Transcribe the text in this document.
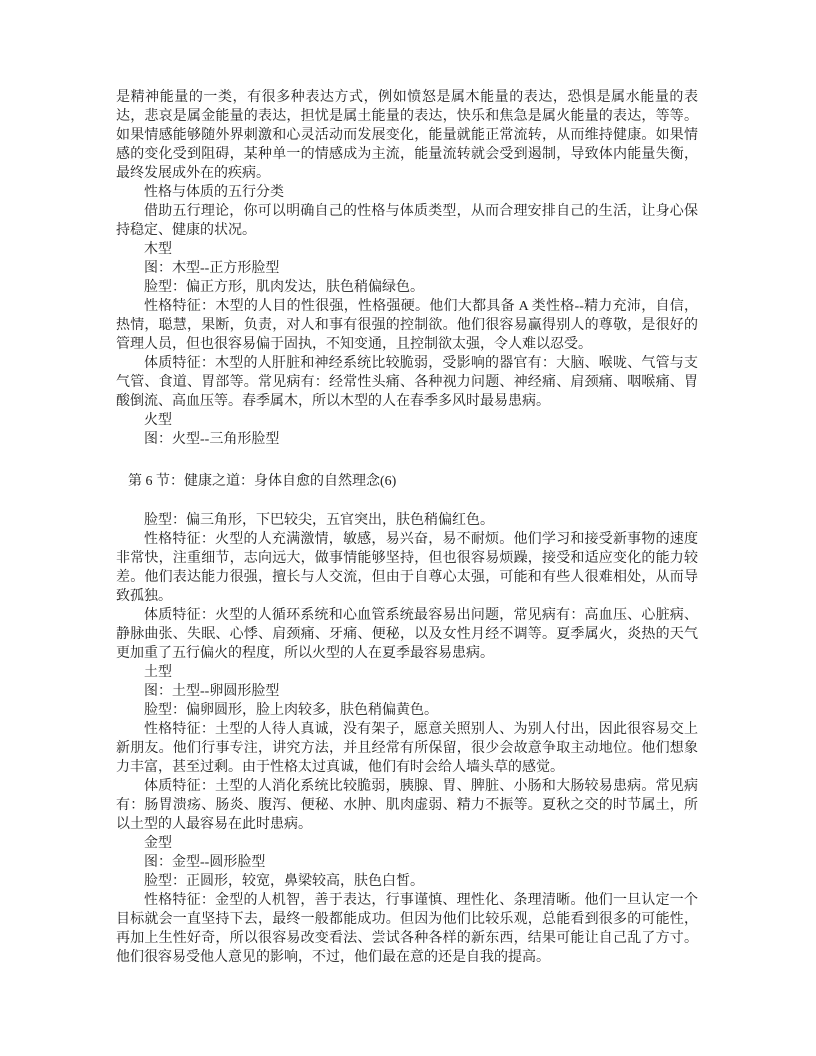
是精神能量的一类，有很多种表达方式，例如愤怒是属木能量的表达，恐惧是属水能量的表达，悲哀是属金能量的表达，担忧是属土能量的表达，快乐和焦急是属火能量的表达，等等。如果情感能够随外界刺激和心灵活动而发展变化，能量就能正常流转，从而维持健康。如果情感的变化受到阻碍，某种单一的情感成为主流，能量流转就会受到遏制，导致体内能量失衡，最终发展成外在的疾病。

性格与体质的五行分类

借助五行理论，你可以明确自己的性格与体质类型，从而合理安排自己的生活，让身心保持稳定、健康的状况。

木型

图：木型--正方形脸型

脸型：偏正方形，肌肉发达，肤色稍偏绿色。

性格特征：木型的人目的性很强，性格强硬。他们大都具备 A 类性格--精力充沛，自信，热情，聪慧，果断，负责，对人和事有很强的控制欲。他们很容易赢得别人的尊敬，是很好的管理人员，但也很容易偏于固执，不知变通，且控制欲太强，令人难以忍受。

体质特征：木型的人肝脏和神经系统比较脆弱，受影响的器官有：大脑、喉咙、气管与支气管、食道、胃部等。常见病有：经常性头痛、各种视力问题、神经痛、肩颈痛、咽喉痛、胃酸倒流、高血压等。春季属木，所以木型的人在春季多风时最易患病。

火型

图：火型--三角形脸型

第 6 节：健康之道：身体自愈的自然理念(6)

脸型：偏三角形，下巴较尖，五官突出，肤色稍偏红色。

性格特征：火型的人充满激情，敏感，易兴奋，易不耐烦。他们学习和接受新事物的速度非常快，注重细节，志向远大，做事情能够坚持，但也很容易烦躁，接受和适应变化的能力较差。他们表达能力很强，擅长与人交流，但由于自尊心太强，可能和有些人很难相处，从而导致孤独。

体质特征：火型的人循环系统和心血管系统最容易出问题，常见病有：高血压、心脏病、静脉曲张、失眠、心悸、肩颈痛、牙痛、便秘，以及女性月经不调等。夏季属火，炎热的天气更加重了五行偏火的程度，所以火型的人在夏季最容易患病。

土型

图：土型--卵圆形脸型

脸型：偏卵圆形，脸上肉较多，肤色稍偏黄色。

性格特征：土型的人待人真诚，没有架子，愿意关照别人、为别人付出，因此很容易交上新朋友。他们行事专注，讲究方法，并且经常有所保留，很少会故意争取主动地位。他们想象力丰富，甚至过剩。由于性格太过真诚，他们有时会给人墙头草的感觉。

体质特征：土型的人消化系统比较脆弱，胰腺、胃、脾脏、小肠和大肠较易患病。常见病有：肠胃溃疡、肠炎、腹泻、便秘、水肿、肌肉虚弱、精力不振等。夏秋之交的时节属土，所以土型的人最容易在此时患病。

金型

图：金型--圆形脸型

脸型：正圆形，较宽，鼻梁较高，肤色白皙。

性格特征：金型的人机智，善于表达，行事谨慎、理性化、条理清晰。他们一旦认定一个目标就会一直坚持下去，最终一般都能成功。但因为他们比较乐观，总能看到很多的可能性，再加上生性好奇，所以很容易改变看法、尝试各种各样的新东西，结果可能让自己乱了方寸。他们很容易受他人意见的影响，不过，他们最在意的还是自我的提高。
